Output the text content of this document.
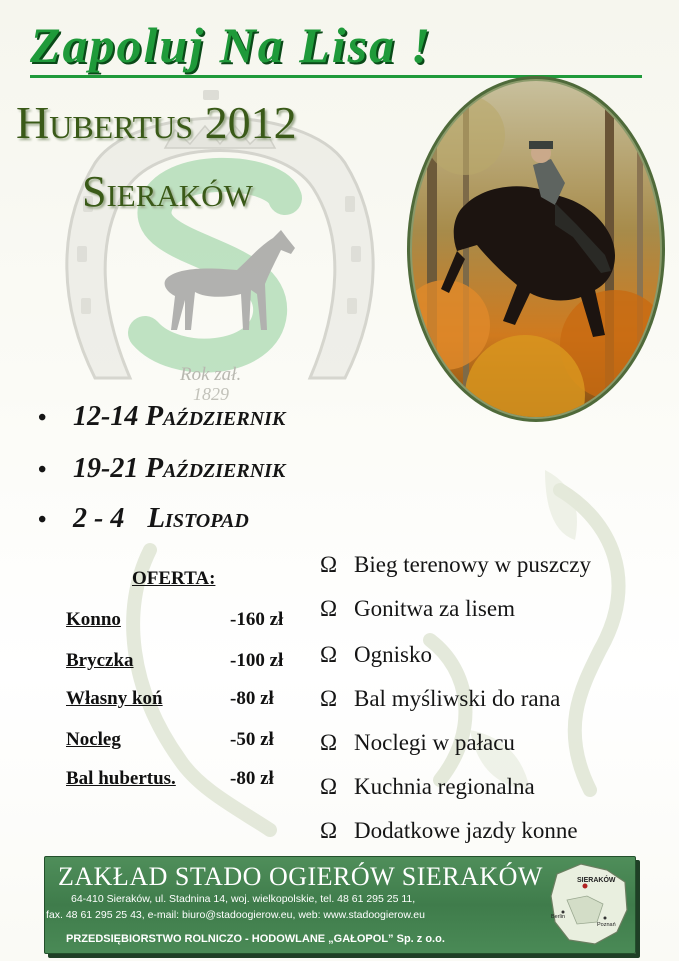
Zapoluj Na Lisa !
Rok zał.
1829
Hubertus 2012
Sieraków
• 12-14 Październik
• 19-21 Październik
• 2 - 4 Listopad
OFERTA:
Konno	-160 zł
Bryczka	-100 zł
Własny koń	-80 zł
Nocleg	-50 zł
Bal hubertus.	-80 zł
Ω Bieg terenowy w puszczy
Ω Gonitwa za lisem
Ω Ognisko
Ω Bal myśliwski do rana
Ω Noclegi w pałacu
Ω Kuchnia regionalna
Ω Dodatkowe jazdy konne
ZAKŁAD STADO OGIERÓW SIERAKÓW
64-410 Sieraków, ul. Stadnina 14, woj. wielkopolskie, tel. 48 61 295 25 11,
fax. 48 61 295 25 43, e-mail: biuro@stadoogierow.eu, web: www.stadoogierow.eu
PRZEDSIĘBIORSTWO ROLNICZO - HODOWLANE „GAŁOPOL” Sp. z o.o.
SIERAKÓW
Berlin
Poznań
